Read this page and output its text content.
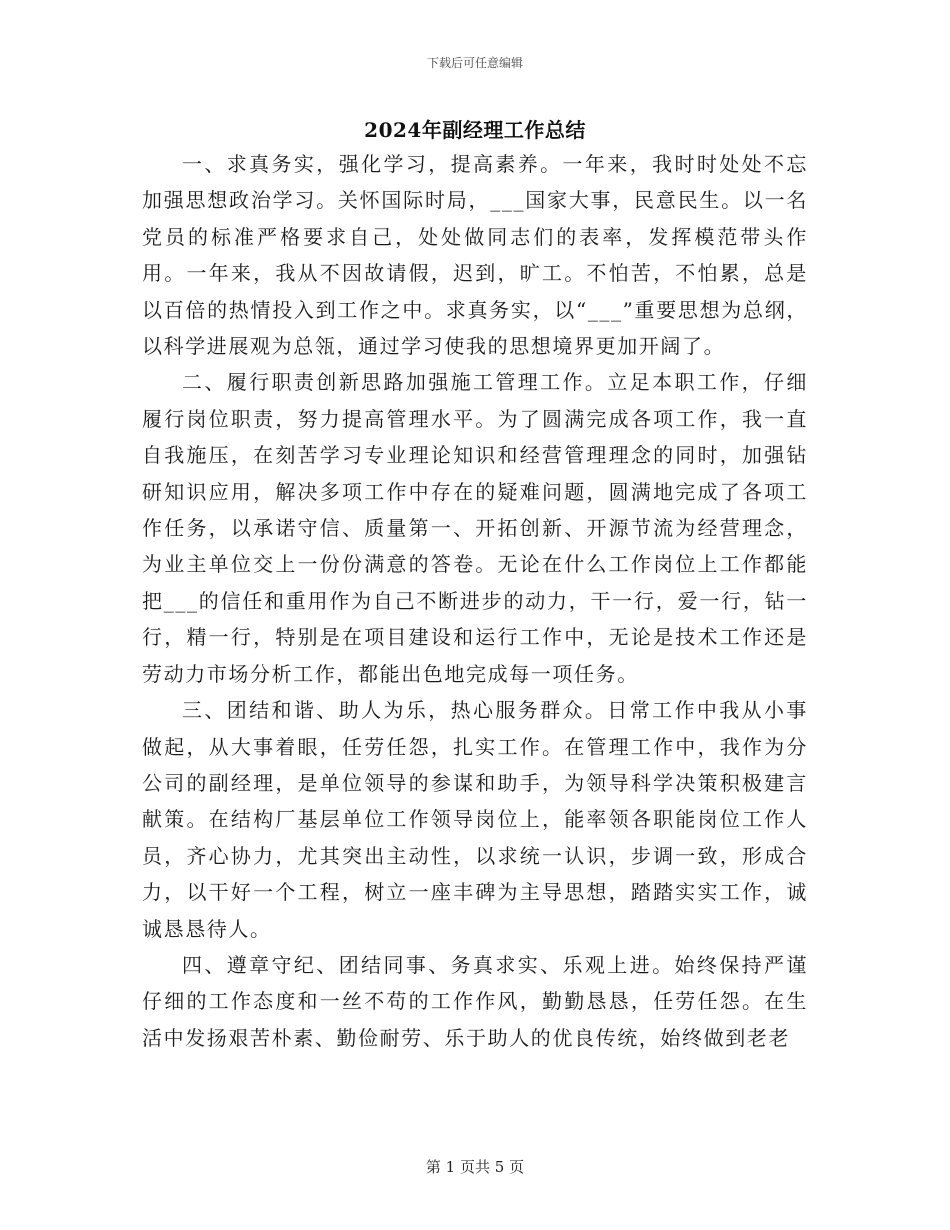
下载后可任意编辑
2024年副经理工作总结

一、求真务实，强化学习，提高素养。一年来，我时时处处不忘加强思想政治学习。关怀国际时局，___国家大事，民意民生。以一名党员的标准严格要求自己，处处做同志们的表率，发挥模范带头作用。一年来，我从不因故请假，迟到，旷工。不怕苦，不怕累，总是以百倍的热情投入到工作之中。求真务实，以“___”重要思想为总纲，以科学进展观为总瓴，通过学习使我的思想境界更加开阔了。

二、履行职责创新思路加强施工管理工作。立足本职工作，仔细履行岗位职责，努力提高管理水平。为了圆满完成各项工作，我一直自我施压，在刻苦学习专业理论知识和经营管理理念的同时，加强钻研知识应用，解决多项工作中存在的疑难问题，圆满地完成了各项工作任务，以承诺守信、质量第一、开拓创新、开源节流为经营理念，为业主单位交上一份份满意的答卷。无论在什么工作岗位上工作都能把___的信任和重用作为自己不断进步的动力，干一行，爱一行，钻一行，精一行，特别是在项目建设和运行工作中，无论是技术工作还是劳动力市场分析工作，都能出色地完成每一项任务。

三、团结和谐、助人为乐，热心服务群众。日常工作中我从小事做起，从大事着眼，任劳任怨，扎实工作。在管理工作中，我作为分公司的副经理，是单位领导的参谋和助手，为领导科学决策积极建言献策。在结构厂基层单位工作领导岗位上，能率领各职能岗位工作人员，齐心协力，尤其突出主动性，以求统一认识，步调一致，形成合力，以干好一个工程，树立一座丰碑为主导思想，踏踏实实工作，诚诚恳恳待人。

四、遵章守纪、团结同事、务真求实、乐观上进。始终保持严谨仔细的工作态度和一丝不苟的工作作风，勤勤恳恳，任劳任怨。在生活中发扬艰苦朴素、勤俭耐劳、乐于助人的优良传统，始终做到老老

第 1 页共 5 页
